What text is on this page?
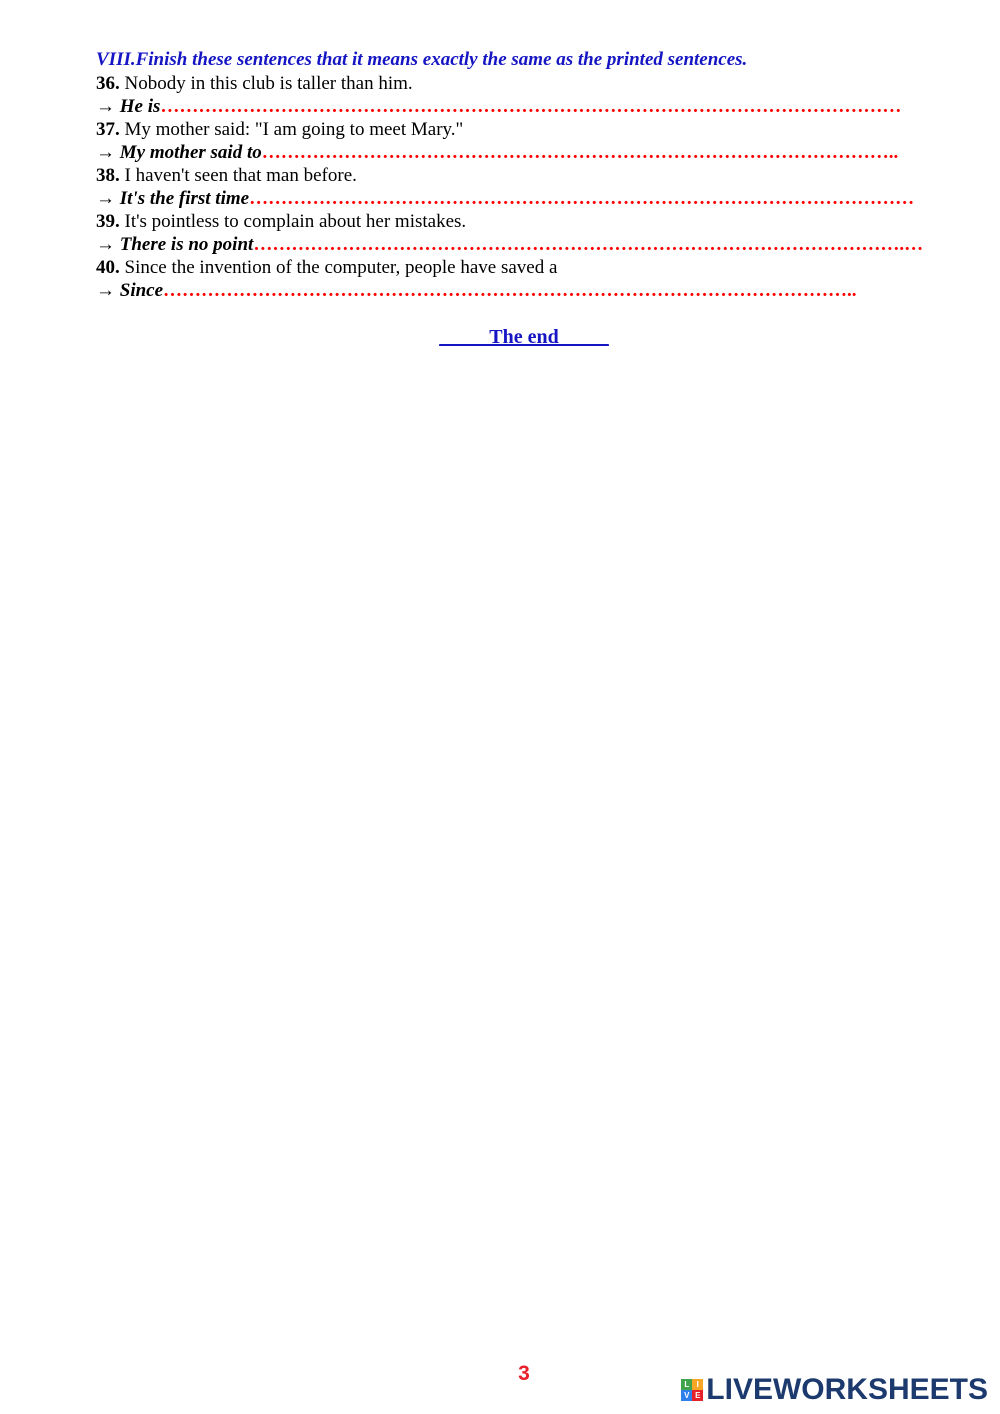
VIII.Finish these sentences that it means exactly the same as the printed sentences.
36. Nobody in this club is taller than him.
→ He is………………………………………………………………………………………………………
37. My mother said: "I am going to meet Mary."
→ My mother said to………………………………………………………………………………………..
38. I haven't seen that man before.
→ It's the first time……………………………………………………………………………………………
39. It's pointless to complain about her mistakes.
→ There is no point………………………………………………………………………………………….…
40. Since the invention of the computer, people have saved a
→ Since………………………………………………………………………………………………..
_____The end_____
3	L I
V E LIVEWORKSHEETS
